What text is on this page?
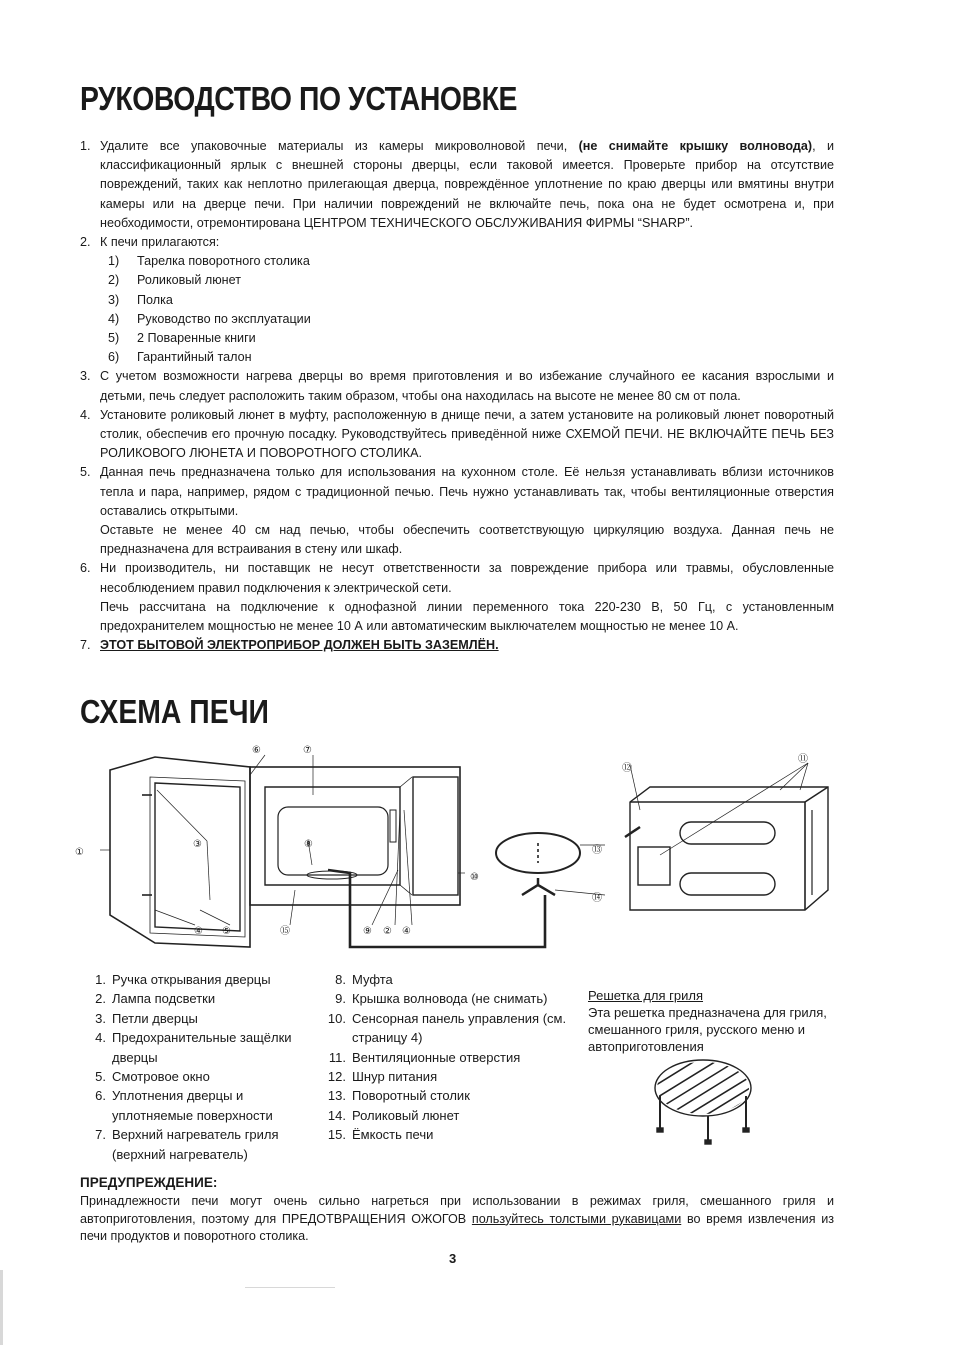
РУКОВОДСТВО ПО УСТАНОВКЕ
1. Удалите все упаковочные материалы из камеры микроволновой печи, (не снимайте крышку волновода), и классификационный ярлык с внешней стороны дверцы, если таковой имеется. Проверьте прибор на отсутствие повреждений, таких как неплотно прилегающая дверца, повреждённое уплотнение по краю дверцы или вмятины внутри камеры или на дверце печи. При наличии повреждений не включайте печь, пока она не будет осмотрена и, при необходимости, отремонтирована ЦЕНТРОМ ТЕХНИЧЕСКОГО ОБСЛУЖИВАНИЯ ФИРМЫ “SHARP”.
2. К печи прилагаются:
1) Тарелка поворотного столика
2) Роликовый люнет
3) Полка
4) Руководство по эксплуатации
5) 2 Поваренные книги
6) Гарантийный талон
3. С учетом возможности нагрева дверцы во время приготовления и во избежание случайного ее касания взрослыми и детьми, печь следует расположить таким образом, чтобы она находилась на высоте не менее 80 см от пола.
4. Установите роликовый люнет в муфту, расположенную в днище печи, а затем установите на роликовый люнет поворотный столик, обеспечив его прочную посадку. Руководствуйтесь приведённой ниже СХЕМОЙ ПЕЧИ. НЕ ВКЛЮЧАЙТЕ ПЕЧЬ БЕЗ РОЛИКОВОГО ЛЮНЕТА И ПОВОРОТНОГО СТОЛИКА.
5. Данная печь предназначена только для использования на кухонном столе. Её нельзя устанавливать вблизи источников тепла и пара, например, рядом с традиционной печью. Печь нужно устанавливать так, чтобы вентиляционные отверстия оставались открытыми.

Оставьте не менее 40 см над печью, чтобы обеспечить соответствующую циркуляцию воздуха. Данная печь не предназначена для встраивания в стену или шкаф.

6. Ни производитель, ни поставщик не несут ответственности за повреждение прибора или травмы, обусловленные несоблюдением правил подключения к электрической сети.

Печь рассчитана на подключение к однофазной линии переменного тока 220-230 В, 50 Гц, с установленным предохранителем мощностью не менее 10 А или автоматическим выключателем мощностью не менее 10 А.

7. ЭТОТ БЫТОВОЙ ЭЛЕКТРОПРИБОР ДОЛЖЕН БЫТЬ ЗАЗЕМЛЁН.
СХЕМА ПЕЧИ
①
⑥	⑦
③	⑧
⑩
⑬
⑭
⑫
⑪
④ ⑤	⑮	⑨ ② ④
1. Ручка открывания дверцы
2. Лампа подсветки
3. Петли дверцы
4. Предохранительные защёлки дверцы
5. Смотровое окно
6. Уплотнения дверцы и уплотняемые поверхности
7. Верхний нагреватель гриля (верхний нагреватель)
8. Муфта
9. Крышка волновода (не снимать)
10. Сенсорная панель управления (см. страницу 4)
11. Вентиляционные отверстия
12. Шнур питания
13. Поворотный столик
14. Роликовый люнет
15. Ёмкость печи
Решетка для гриля
Эта решетка предназначена для гриля, смешанного гриля, русского меню и автоприготовления
ПРЕДУПРЕЖДЕНИЕ:

Принадлежности печи могут очень сильно нагреться при использовании в режимах гриля, смешанного гриля и автоприготовления, поэтому для ПРЕДОТВРАЩЕНИЯ ОЖОГОВ пользуйтесь толстыми рукавицами во время извлечения из печи продуктов и поворотного столика.

3
